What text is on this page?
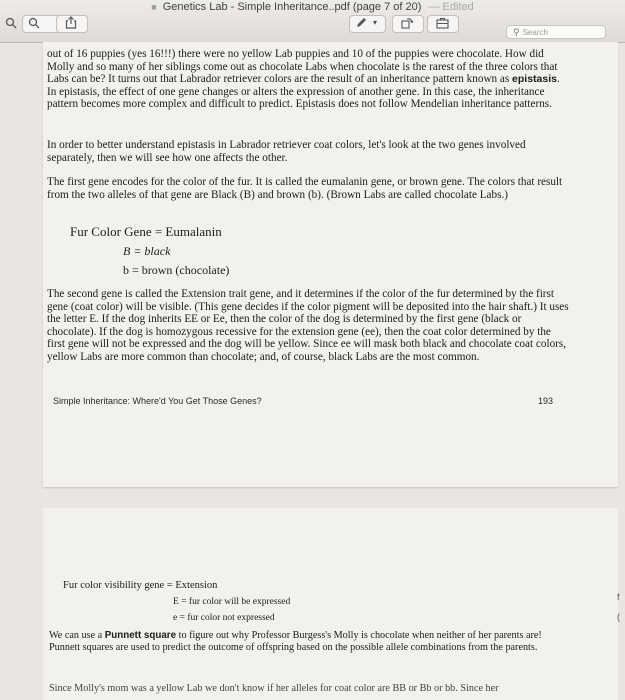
■ Genetics Lab - Simple Inheritance..pdf (page 7 of 20) — Edited
▾
⚲ Search

out of 16 puppies (yes 16!!!) there were no yellow Lab puppies and 10 of the puppies were chocolate. How did Molly and so many of her siblings come out as chocolate Labs when chocolate is the rarest of the three colors that Labs can be? It turns out that Labrador retriever colors are the result of an inheritance pattern known as epistasis. In epistasis, the effect of one gene changes or alters the expression of another gene. In this case, the inheritance pattern becomes more complex and difficult to predict. Epistasis does not follow Mendelian inheritance patterns.

In order to better understand epistasis in Labrador retriever coat colors, let's look at the two genes involved separately, then we will see how one affects the other.

The first gene encodes for the color of the fur. It is called the eumalanin gene, or brown gene. The colors that result from the two alleles of that gene are Black (B) and brown (b). (Brown Labs are called chocolate Labs.)

Fur Color Gene = Eumalanin
B = black
b = brown (chocolate)

The second gene is called the Extension trait gene, and it determines if the color of the fur determined by the first gene (coat color) will be visible. (This gene decides if the color pigment will be deposited into the hair shaft.) It uses the letter E. If the dog inherits EE or Ee, then the color of the dog is determined by the first gene (black or chocolate). If the dog is homozygous recessive for the extension gene (ee), then the coat color determined by the first gene will not be expressed and the dog will be yellow. Since ee will mask both black and chocolate coat colors, yellow Labs are more common than chocolate; and, of course, black Labs are the most common.

Simple Inheritance: Where'd You Get Those Genes?	193
Fur color visibility gene = Extension
E = fur color will be expressed
e = fur color not expressed

We can use a Punnett square to figure out why Professor Burgess's Molly is chocolate when neither of her parents are! Punnett squares are used to predict the outcome of offspring based on the possible allele combinations from the parents.

Since Molly's mom was a yellow Lab we don't know if her alleles for coat color are BB or Bb or bb. Since her
f
(
